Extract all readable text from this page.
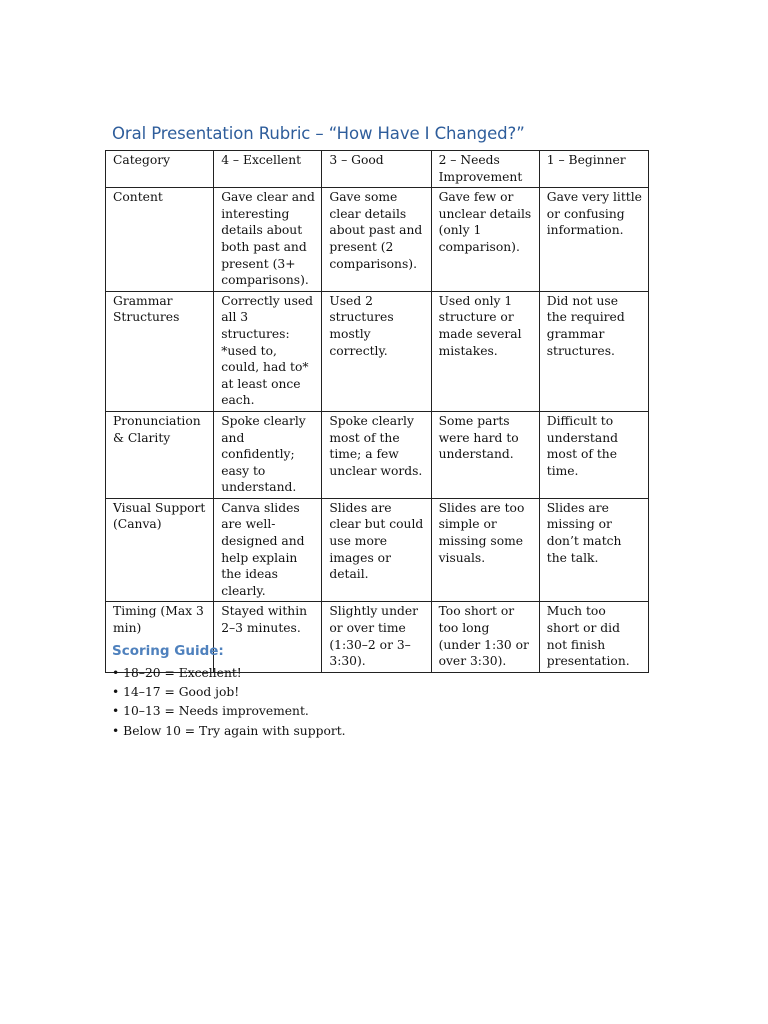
Oral Presentation Rubric – “How Have I Changed?”
Category	4 – Excellent	3 – Good	2 – Needs Improvement	1 – Beginner
Content	Gave clear and interesting details about both past and present (3+ comparisons).	Gave some clear details about past and present (2 comparisons).	Gave few or unclear details (only 1 comparison).	Gave very little or confusing information.
Grammar Structures	Correctly used all 3 structures: *used to, could, had to* at least once each.	Used 2 structures mostly correctly.	Used only 1 structure or made several mistakes.	Did not use the required grammar structures.
Pronunciation & Clarity	Spoke clearly and confidently; easy to understand.	Spoke clearly most of the time; a few unclear words.	Some parts were hard to understand.	Difficult to understand most of the time.
Visual Support (Canva)	Canva slides are well-designed and help explain the ideas clearly.	Slides are clear but could use more images or detail.	Slides are too simple or missing some visuals.	Slides are missing or don’t match the talk.
Timing (Max 3 min)	Stayed within 2–3 minutes.	Slightly under or over time (1:30–2 or 3–3:30).	Too short or too long (under 1:30 or over 3:30).	Much too short or did not finish presentation.
Scoring Guide:
• 18–20 = Excellent!
• 14–17 = Good job!
• 10–13 = Needs improvement.
• Below 10 = Try again with support.
